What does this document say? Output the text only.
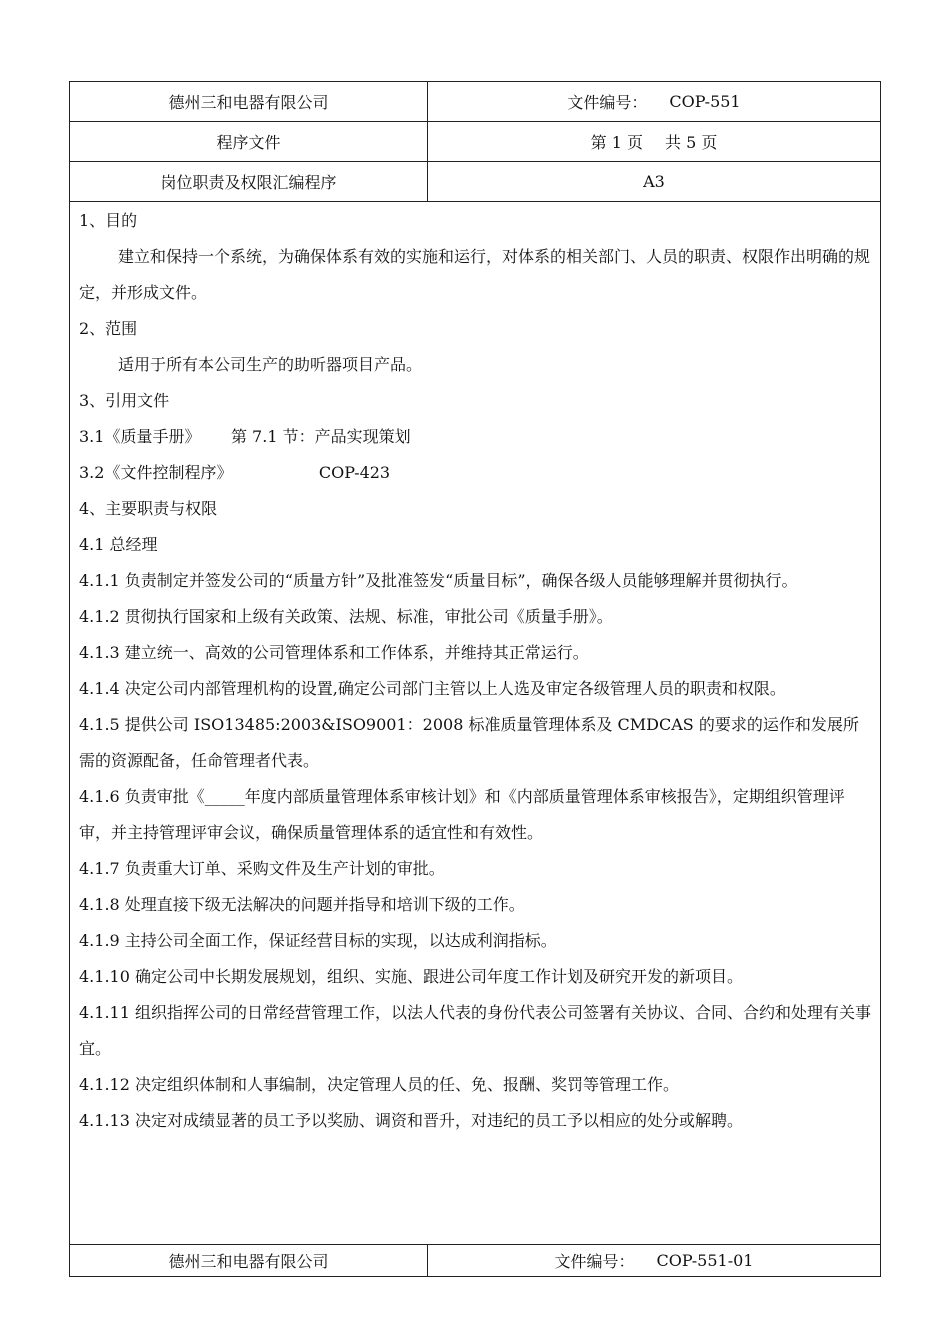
德州三和电器有限公司	文件编号： COP-551
程序文件	第 1 页 共 5 页
岗位职责及权限汇编程序	A3

1、目的

建立和保持一个系统，为确保体系有效的实施和运行，对体系的相关部门、人员的职责、权限作出明确的规定，并形成文件。

2、范围

适用于所有本公司生产的助听器项目产品。

3、引用文件

3.1《质量手册》      第 7.1 节：产品实现策划

3.2《文件控制程序》                 COP-423

4、主要职责与权限

4.1 总经理

4.1.1 负责制定并签发公司的“质量方针”及批准签发“质量目标”，确保各级人员能够理解并贯彻执行。

4.1.2 贯彻执行国家和上级有关政策、法规、标准，审批公司《质量手册》。

4.1.3 建立统一、高效的公司管理体系和工作体系，并维持其正常运行。

4.1.4 决定公司内部管理机构的设置,确定公司部门主管以上人选及审定各级管理人员的职责和权限。

4.1.5 提供公司 ISO13485:2003&ISO9001：2008 标准质量管理体系及 CMDCAS 的要求的运作和发展所需的资源配备，任命管理者代表。

4.1.6 负责审批《_____年度内部质量管理体系审核计划》和《内部质量管理体系审核报告》，定期组织管理评审，并主持管理评审会议，确保质量管理体系的适宜性和有效性。

4.1.7 负责重大订单、采购文件及生产计划的审批。

4.1.8 处理直接下级无法解决的问题并指导和培训下级的工作。

4.1.9 主持公司全面工作，保证经营目标的实现，以达成利润指标。

4.1.10 确定公司中长期发展规划，组织、实施、跟进公司年度工作计划及研究开发的新项目。

4.1.11 组织指挥公司的日常经营管理工作，以法人代表的身份代表公司签署有关协议、合同、合约和处理有关事宜。

4.1.12 决定组织体制和人事编制，决定管理人员的任、免、报酬、奖罚等管理工作。

4.1.13 决定对成绩显著的员工予以奖励、调资和晋升，对违纪的员工予以相应的处分或解聘。

德州三和电器有限公司	文件编号： COP-551-01
